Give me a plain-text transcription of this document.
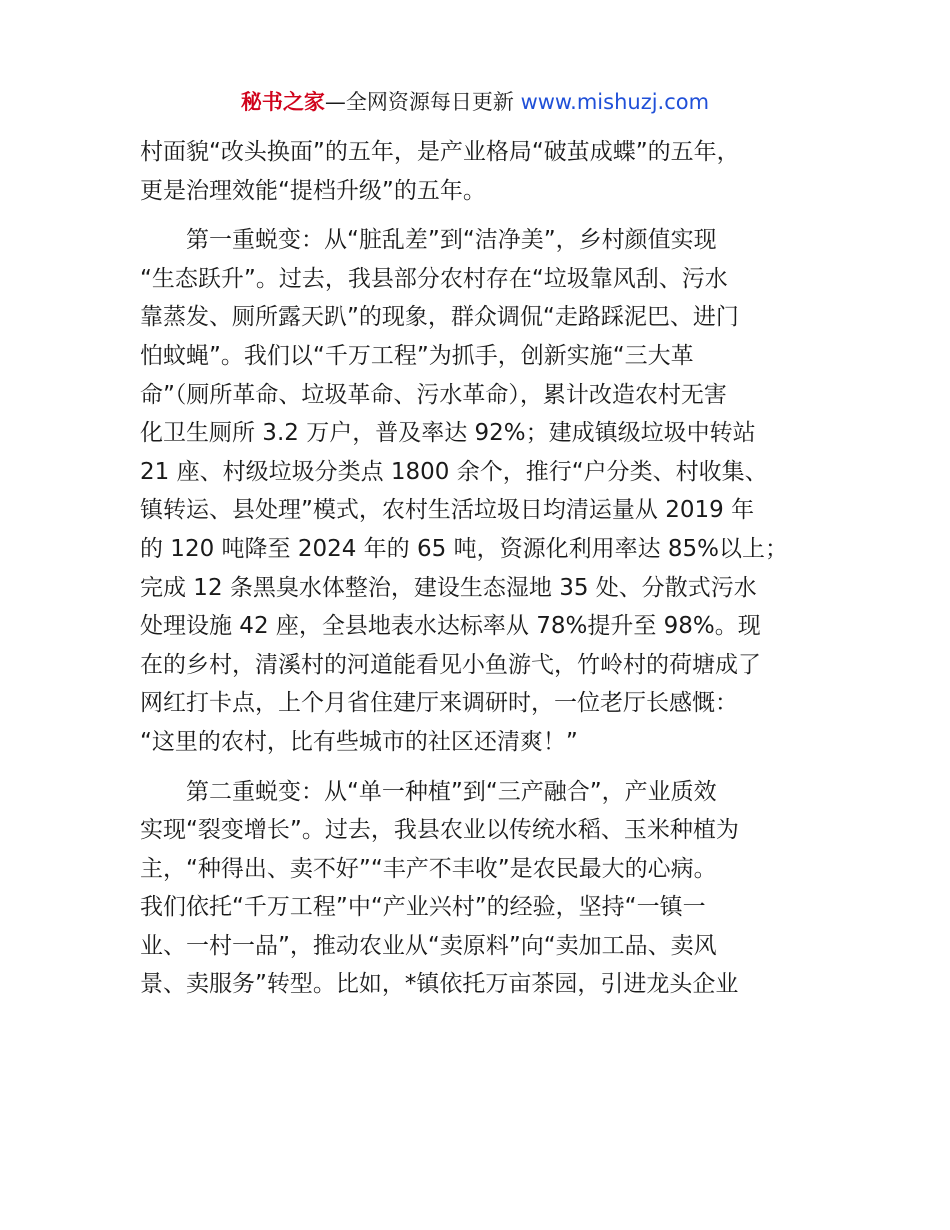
秘书之家—全网资源每日更新 www.mishuzj.com
村面貌“改头换面”的五年，是产业格局“破茧成蝶”的五年，
更是治理效能“提档升级”的五年。
　　第一重蜕变：从“脏乱差”到“洁净美”，乡村颜值实现
“生态跃升”。过去，我县部分农村存在“垃圾靠风刮、污水
靠蒸发、厕所露天趴”的现象，群众调侃“走路踩泥巴、进门
怕蚊蝇”。我们以“千万工程”为抓手，创新实施“三大革
命”（厕所革命、垃圾革命、污水革命），累计改造农村无害
化卫生厕所 3.2 万户，普及率达 92%；建成镇级垃圾中转站
21 座、村级垃圾分类点 1800 余个，推行“户分类、村收集、
镇转运、县处理”模式，农村生活垃圾日均清运量从 2019 年
的 120 吨降至 2024 年的 65 吨，资源化利用率达 85%以上；
完成 12 条黑臭水体整治，建设生态湿地 35 处、分散式污水
处理设施 42 座，全县地表水达标率从 78%提升至 98%。现
在的乡村，清溪村的河道能看见小鱼游弋，竹岭村的荷塘成了
网红打卡点，上个月省住建厅来调研时，一位老厅长感慨：
“这里的农村，比有些城市的社区还清爽！”
　　第二重蜕变：从“单一种植”到“三产融合”，产业质效
实现“裂变增长”。过去，我县农业以传统水稻、玉米种植为
主，“种得出、卖不好”“丰产不丰收”是农民最大的心病。
我们依托“千万工程”中“产业兴村”的经验，坚持“一镇一
业、一村一品”，推动农业从“卖原料”向“卖加工品、卖风
景、卖服务”转型。比如，*镇依托万亩茶园，引进龙头企业
